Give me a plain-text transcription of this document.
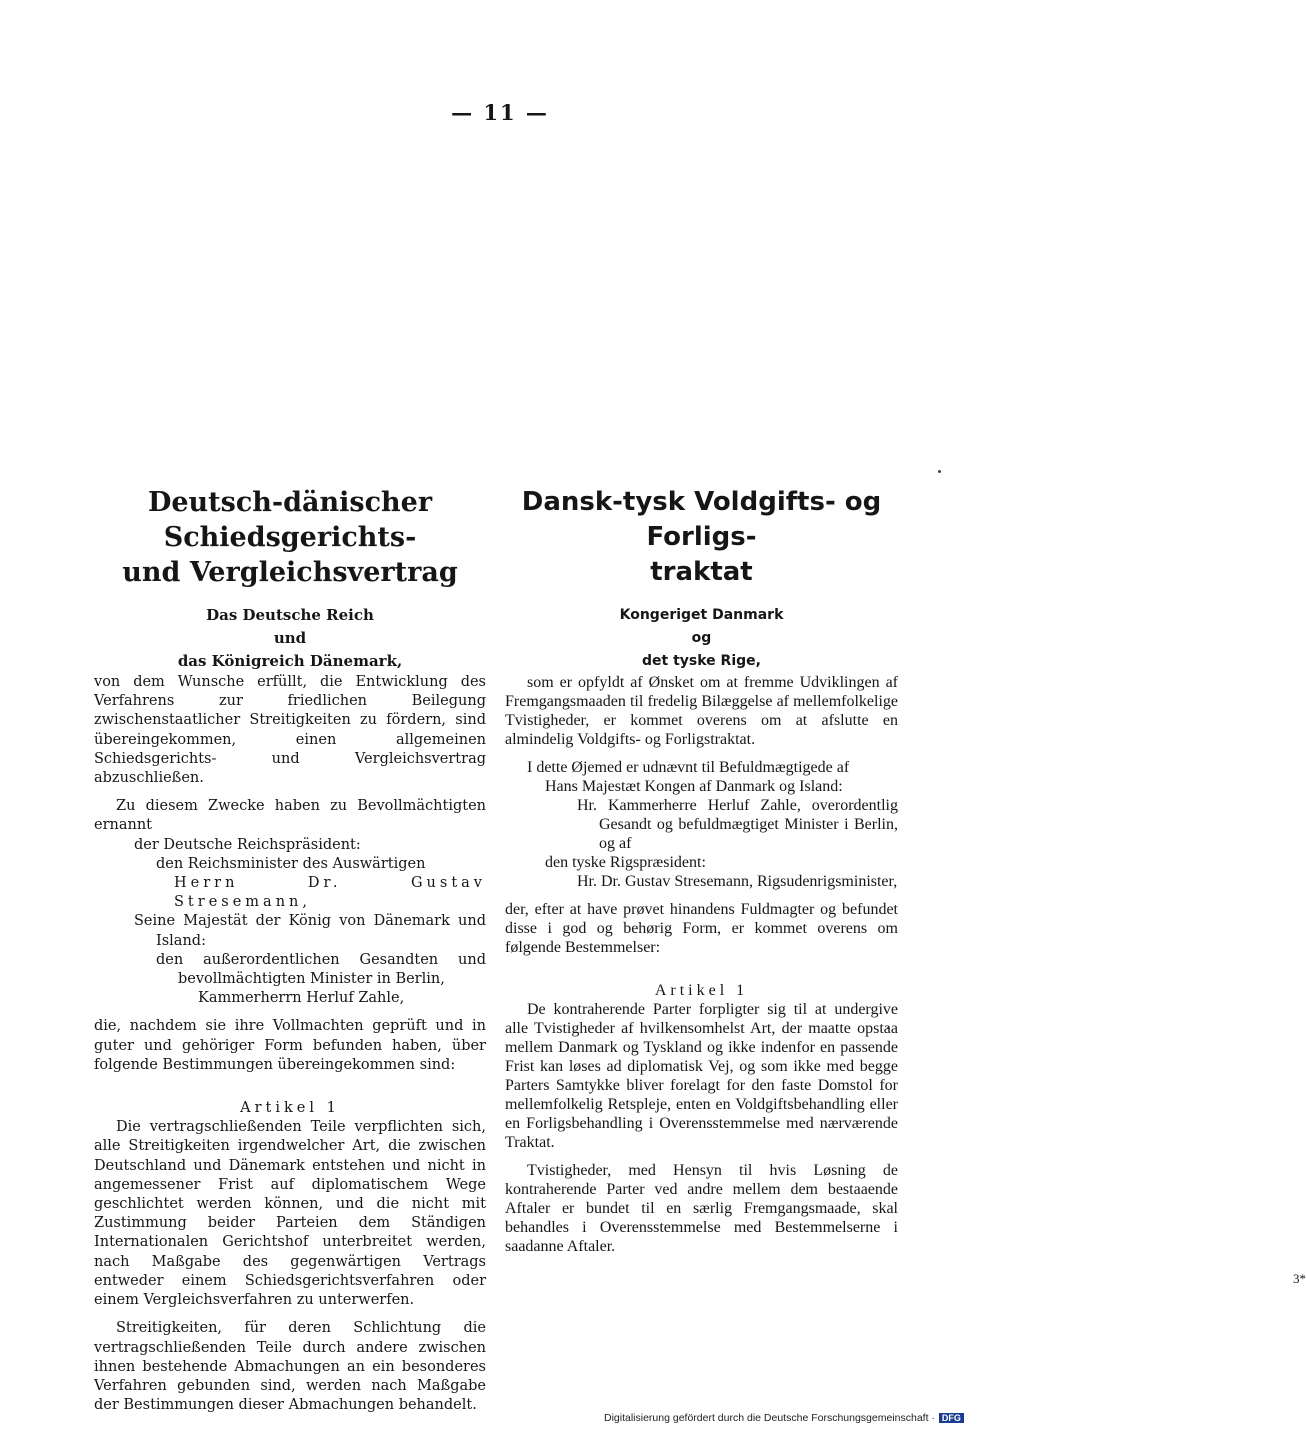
— 11 —
Deutsch-dänischer Schiedsgerichts-
und Vergleichsvertrag
Das Deutsche Reich
und
das Königreich Dänemark,

von dem Wunsche erfüllt, die Entwicklung des Verfahrens zur friedlichen Beilegung zwischenstaatlicher Streitigkeiten zu fördern, sind übereingekommen, einen allgemeinen Schiedsgerichts- und Vergleichsvertrag abzuschließen.

Zu diesem Zwecke haben zu Bevollmächtigten ernannt

der Deutsche Reichspräsident:

den Reichsminister des Auswärtigen

Herrn Dr. Gustav Stresemann,

Seine Majestät der König von Dänemark und Island:

den außerordentlichen Gesandten und bevollmächtigten Minister in Berlin,

Kammerherrn Herluf Zahle,

die, nachdem sie ihre Vollmachten geprüft und in guter und gehöriger Form befunden haben, über folgende Bestimmungen übereingekommen sind:

Artikel 1

Die vertragschließenden Teile verpflichten sich, alle Streitigkeiten irgendwelcher Art, die zwischen Deutschland und Dänemark entstehen und nicht in angemessener Frist auf diplomatischem Wege geschlichtet werden können, und die nicht mit Zustimmung beider Parteien dem Ständigen Internationalen Gerichtshof unterbreitet werden, nach Maßgabe des gegenwärtigen Vertrags entweder einem Schiedsgerichtsverfahren oder einem Vergleichsverfahren zu unterwerfen.

Streitigkeiten, für deren Schlichtung die vertragschließenden Teile durch andere zwischen ihnen bestehende Abmachungen an ein besonderes Verfahren gebunden sind, werden nach Maßgabe der Bestimmungen dieser Abmachungen behandelt.

Dansk-tysk Voldgifts- og Forligs-
traktat
Kongeriget Danmark
og
det tyske Rige,

som er opfyldt af Ønsket om at fremme Udviklingen af Fremgangsmaaden til fredelig Bilæggelse af mellemfolkelige Tvistigheder, er kommet overens om at afslutte en almindelig Voldgifts- og Forligstraktat.

I dette Øjemed er udnævnt til Befuldmægtigede af

Hans Majestæt Kongen af Danmark og Island:

Hr. Kammerherre Herluf Zahle, overordentlig Gesandt og befuldmægtiget Minister i Berlin, og af

den tyske Rigspræsident:

Hr. Dr. Gustav Stresemann, Rigsudenrigsminister,

der, efter at have prøvet hinandens Fuldmagter og befundet disse i god og behørig Form, er kommet overens om følgende Bestemmelser:

Artikel 1

De kontraherende Parter forpligter sig til at undergive alle Tvistigheder af hvilkensomhelst Art, der maatte opstaa mellem Danmark og Tyskland og ikke indenfor en passende Frist kan løses ad diplomatisk Vej, og som ikke med begge Parters Samtykke bliver forelagt for den faste Domstol for mellemfolkelig Retspleje, enten en Voldgiftsbehandling eller en Forligsbehandling i Overensstemmelse med nærværende Traktat.

Tvistigheder, med Hensyn til hvis Løsning de kontraherende Parter ved andre mellem dem bestaaende Aftaler er bundet til en særlig Fremgangsmaade, skal behandles i Overensstemmelse med Bestemmelserne i saadanne Aftaler.

3*
Digitalisierung gefördert durch die Deutsche Forschungsgemeinschaft · DFG
